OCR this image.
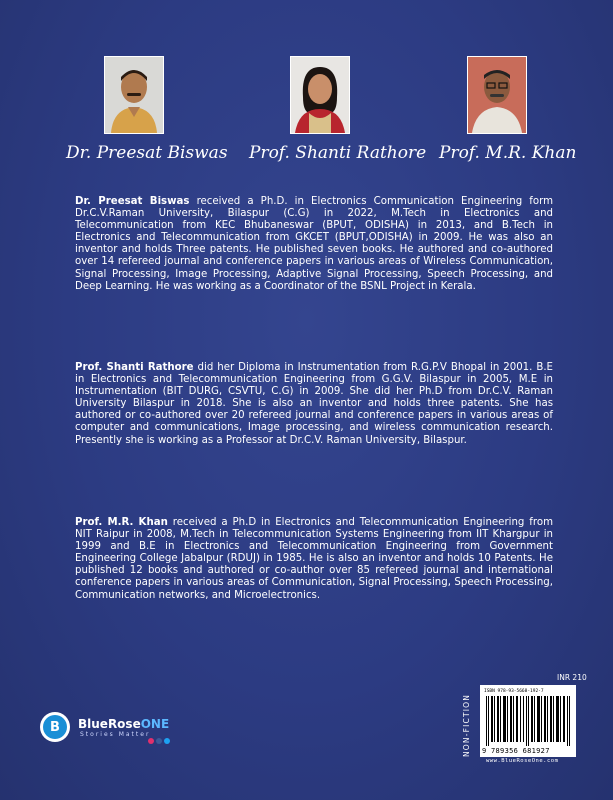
Dr. Preesat Biswas Prof. Shanti Rathore Prof. M.R. Khan
Dr. Preesat Biswas received a Ph.D. in Electronics Communication Engineering form Dr.C.V.Raman University, Bilaspur (C.G) in 2022, M.Tech in Electronics and Telecommunication from KEC Bhubaneswar (BPUT, ODISHA) in 2013, and B.Tech in Electronics and Telecommunication from GKCET (BPUT,ODISHA) in 2009. He was also an inventor and holds Three patents. He published seven books. He authored and co-authored over 14 refereed journal and conference papers in various areas of Wireless Communication, Signal Processing, Image Processing, Adaptive Signal Processing, Speech Processing, and Deep Learning. He was working as a Coordinator of the BSNL Project in Kerala.
Prof. Shanti Rathore did her Diploma in Instrumentation from R.G.P.V Bhopal in 2001. B.E in Electronics and Telecommunication Engineering from G.G.V. Bilaspur in 2005, M.E in Instrumentation (BIT DURG, CSVTU, C.G) in 2009. She did her Ph.D from Dr.C.V. Raman University Bilaspur in 2018. She is also an inventor and holds three patents. She has authored or co-authored over 20 refereed journal and conference papers in various areas of computer and communications, Image processing, and wireless communication research. Presently she is working as a Professor at Dr.C.V. Raman University, Bilaspur.
Prof. M.R. Khan received a Ph.D in Electronics and Telecommunication Engineering from NIT Raipur in 2008, M.Tech in Telecommunication Systems Engineering from IIT Khargpur in 1999 and B.E in Electronics and Telecommunication Engineering from Government Engineering College Jabalpur (RDUJ) in 1985. He is also an inventor and holds 10 Patents. He published 12 books and authored or co-author over 85 refereed journal and international conference papers in various areas of Communication, Signal Processing, Speech Processing, Communication networks, and Microelectronics.
B	BlueRoseONE
Stories Matter
INR 210
NON-FICTION
ISBN 978-93-5668-192-7
9 789356 681927
www.BlueRoseOne.com
